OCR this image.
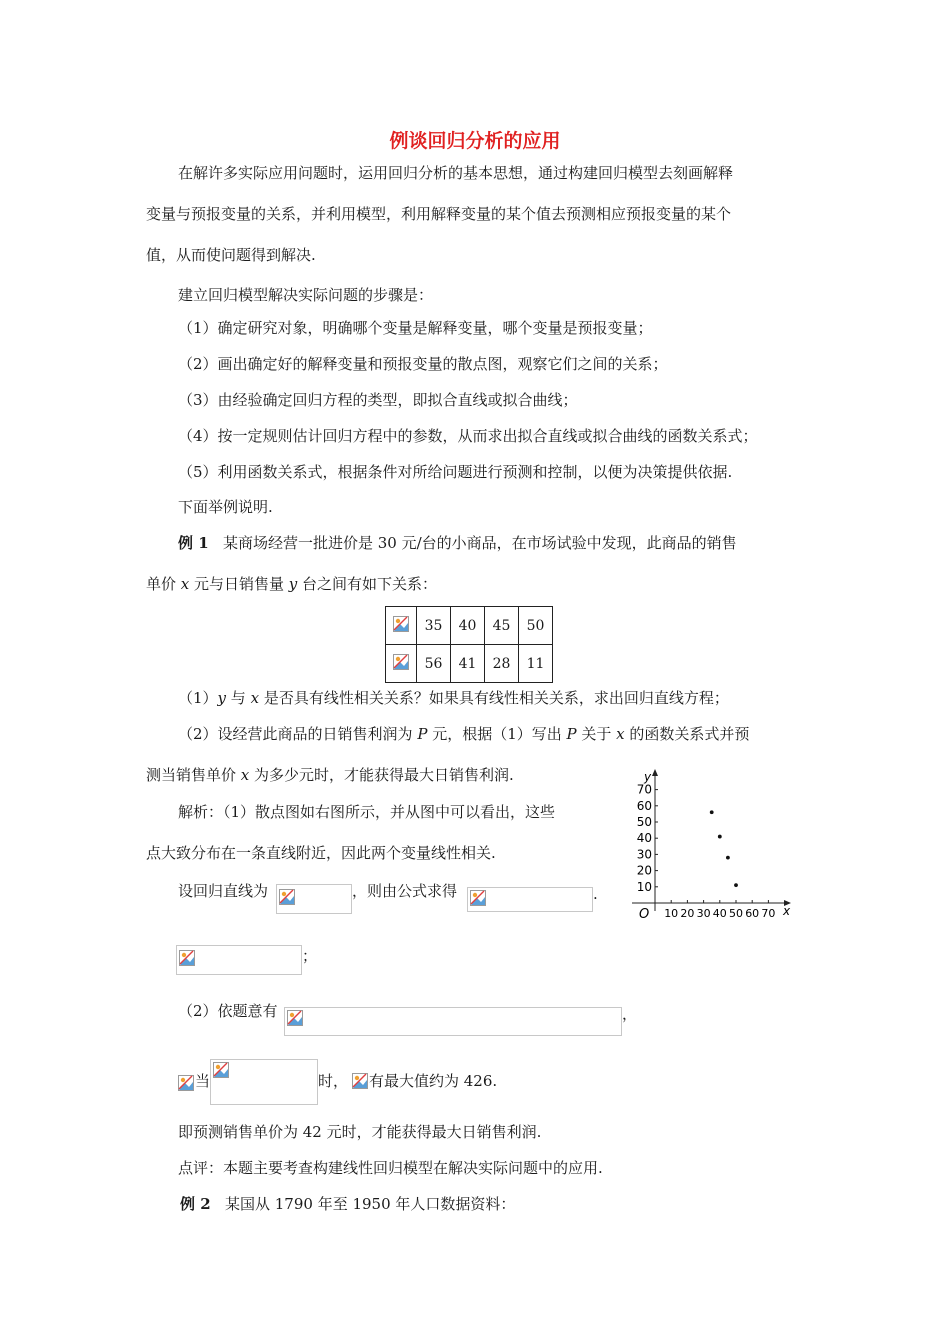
例谈回归分析的应用
在解许多实际应用问题时，运用回归分析的基本思想，通过构建回归模型去刻画解释
变量与预报变量的关系，并利用模型，利用解释变量的某个值去预测相应预报变量的某个
值，从而使问题得到解决.
建立回归模型解决实际问题的步骤是：
（1）确定研究对象，明确哪个变量是解释变量，哪个变量是预报变量；
（2）画出确定好的解释变量和预报变量的散点图，观察它们之间的关系；
（3）由经验确定回归方程的类型，即拟合直线或拟合曲线；
（4）按一定规则估计回归方程中的参数，从而求出拟合直线或拟合曲线的函数关系式；
（5）利用函数关系式，根据条件对所给问题进行预测和控制，以便为决策提供依据.
下面举例说明.
例 1 某商场经营一批进价是 30 元/台的小商品，在市场试验中发现，此商品的销售
单价 x 元与日销售量 y 台之间有如下关系：
	35	40	45	50

	56	41	28	11
（1）y 与 x 是否具有线性相关关系？如果具有线性相关关系，求出回归直线方程；
（2）设经营此商品的日销售利润为 P 元，根据（1）写出 P 关于 x 的函数关系式并预
测当销售单价 x 为多少元时，才能获得最大日销售利润.
解析：（1）散点图如右图所示，并从图中可以看出，这些
点大致分布在一条直线附近，因此两个变量线性相关.
x
y
O
10
20
30
40
50
60
70
10 20 30 40 50 60 70
设回归直线为	，则由公式求得	.
；
（2）依题意有	，
当	时， 有最大值约为 426.
即预测销售单价为 42 元时，才能获得最大日销售利润.
点评：本题主要考查构建线性回归模型在解决实际问题中的应用.
例 2 某国从 1790 年至 1950 年人口数据资料：
